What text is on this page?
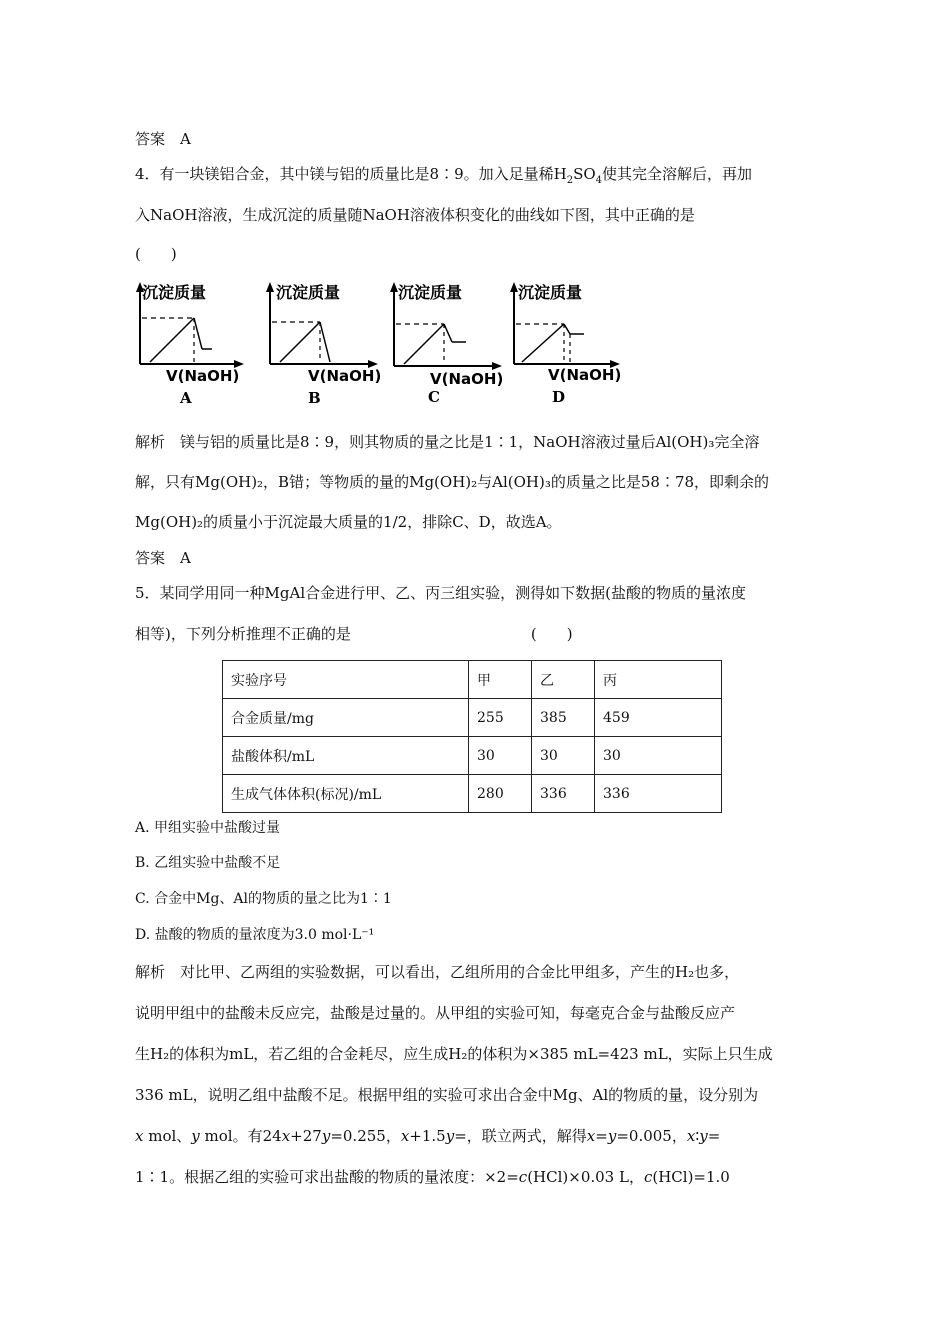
答案　A
4．有一块镁铝合金，其中镁与铝的质量比是8∶9。加入足量稀$H_2SO_4$使其完全溶解后，再加
入NaOH溶液，生成沉淀的质量随NaOH溶液体积变化的曲线如下图，其中正确的是
(　　)
沉淀质量
V(NaOH)
A
沉淀质量
V(NaOH)
B
沉淀质量
V(NaOH)
C
沉淀质量
V(NaOH)
D
解析　镁与铝的质量比是8∶9，则其物质的量之比是1∶1，NaOH溶液过量后Al(OH)₃完全溶
解，只有Mg(OH)₂，B错；等物质的量的Mg(OH)₂与Al(OH)₃的质量之比是58∶78，即剩余的
Mg(OH)₂的质量小于沉淀最大质量的1/2，排除C、D，故选A。
答案　A
5．某同学用同一种MgAl合金进行甲、乙、丙三组实验，测得如下数据(盐酸的物质的量浓度
相等)，下列分析推理不正确的是　　　　　　　　　　　　(　　)
实验序号	甲	乙	丙
合金质量/mg	255	385	459
盐酸体积/mL	30	30	30
生成气体体积(标况)/mL	280	336	336
A. 甲组实验中盐酸过量
B. 乙组实验中盐酸不足
C. 合金中Mg、Al的物质的量之比为1∶1
D. 盐酸的物质的量浓度为3.0 mol·L⁻¹
解析　对比甲、乙两组的实验数据，可以看出，乙组所用的合金比甲组多，产生的H₂也多，
说明甲组中的盐酸未反应完，盐酸是过量的。从甲组的实验可知，每毫克合金与盐酸反应产
生H₂的体积为mL，若乙组的合金耗尽，应生成H₂的体积为×385 mL=423 mL，实际上只生成
336 mL，说明乙组中盐酸不足。根据甲组的实验可求出合金中Mg、Al的物质的量，设分别为
x mol、y mol。有24x+27y=0.255，x+1.5y=，联立两式，解得x=y=0.005，x∶y=
1∶1。根据乙组的实验可求出盐酸的物质的量浓度：×2=c(HCl)×0.03 L，c(HCl)=1.0
